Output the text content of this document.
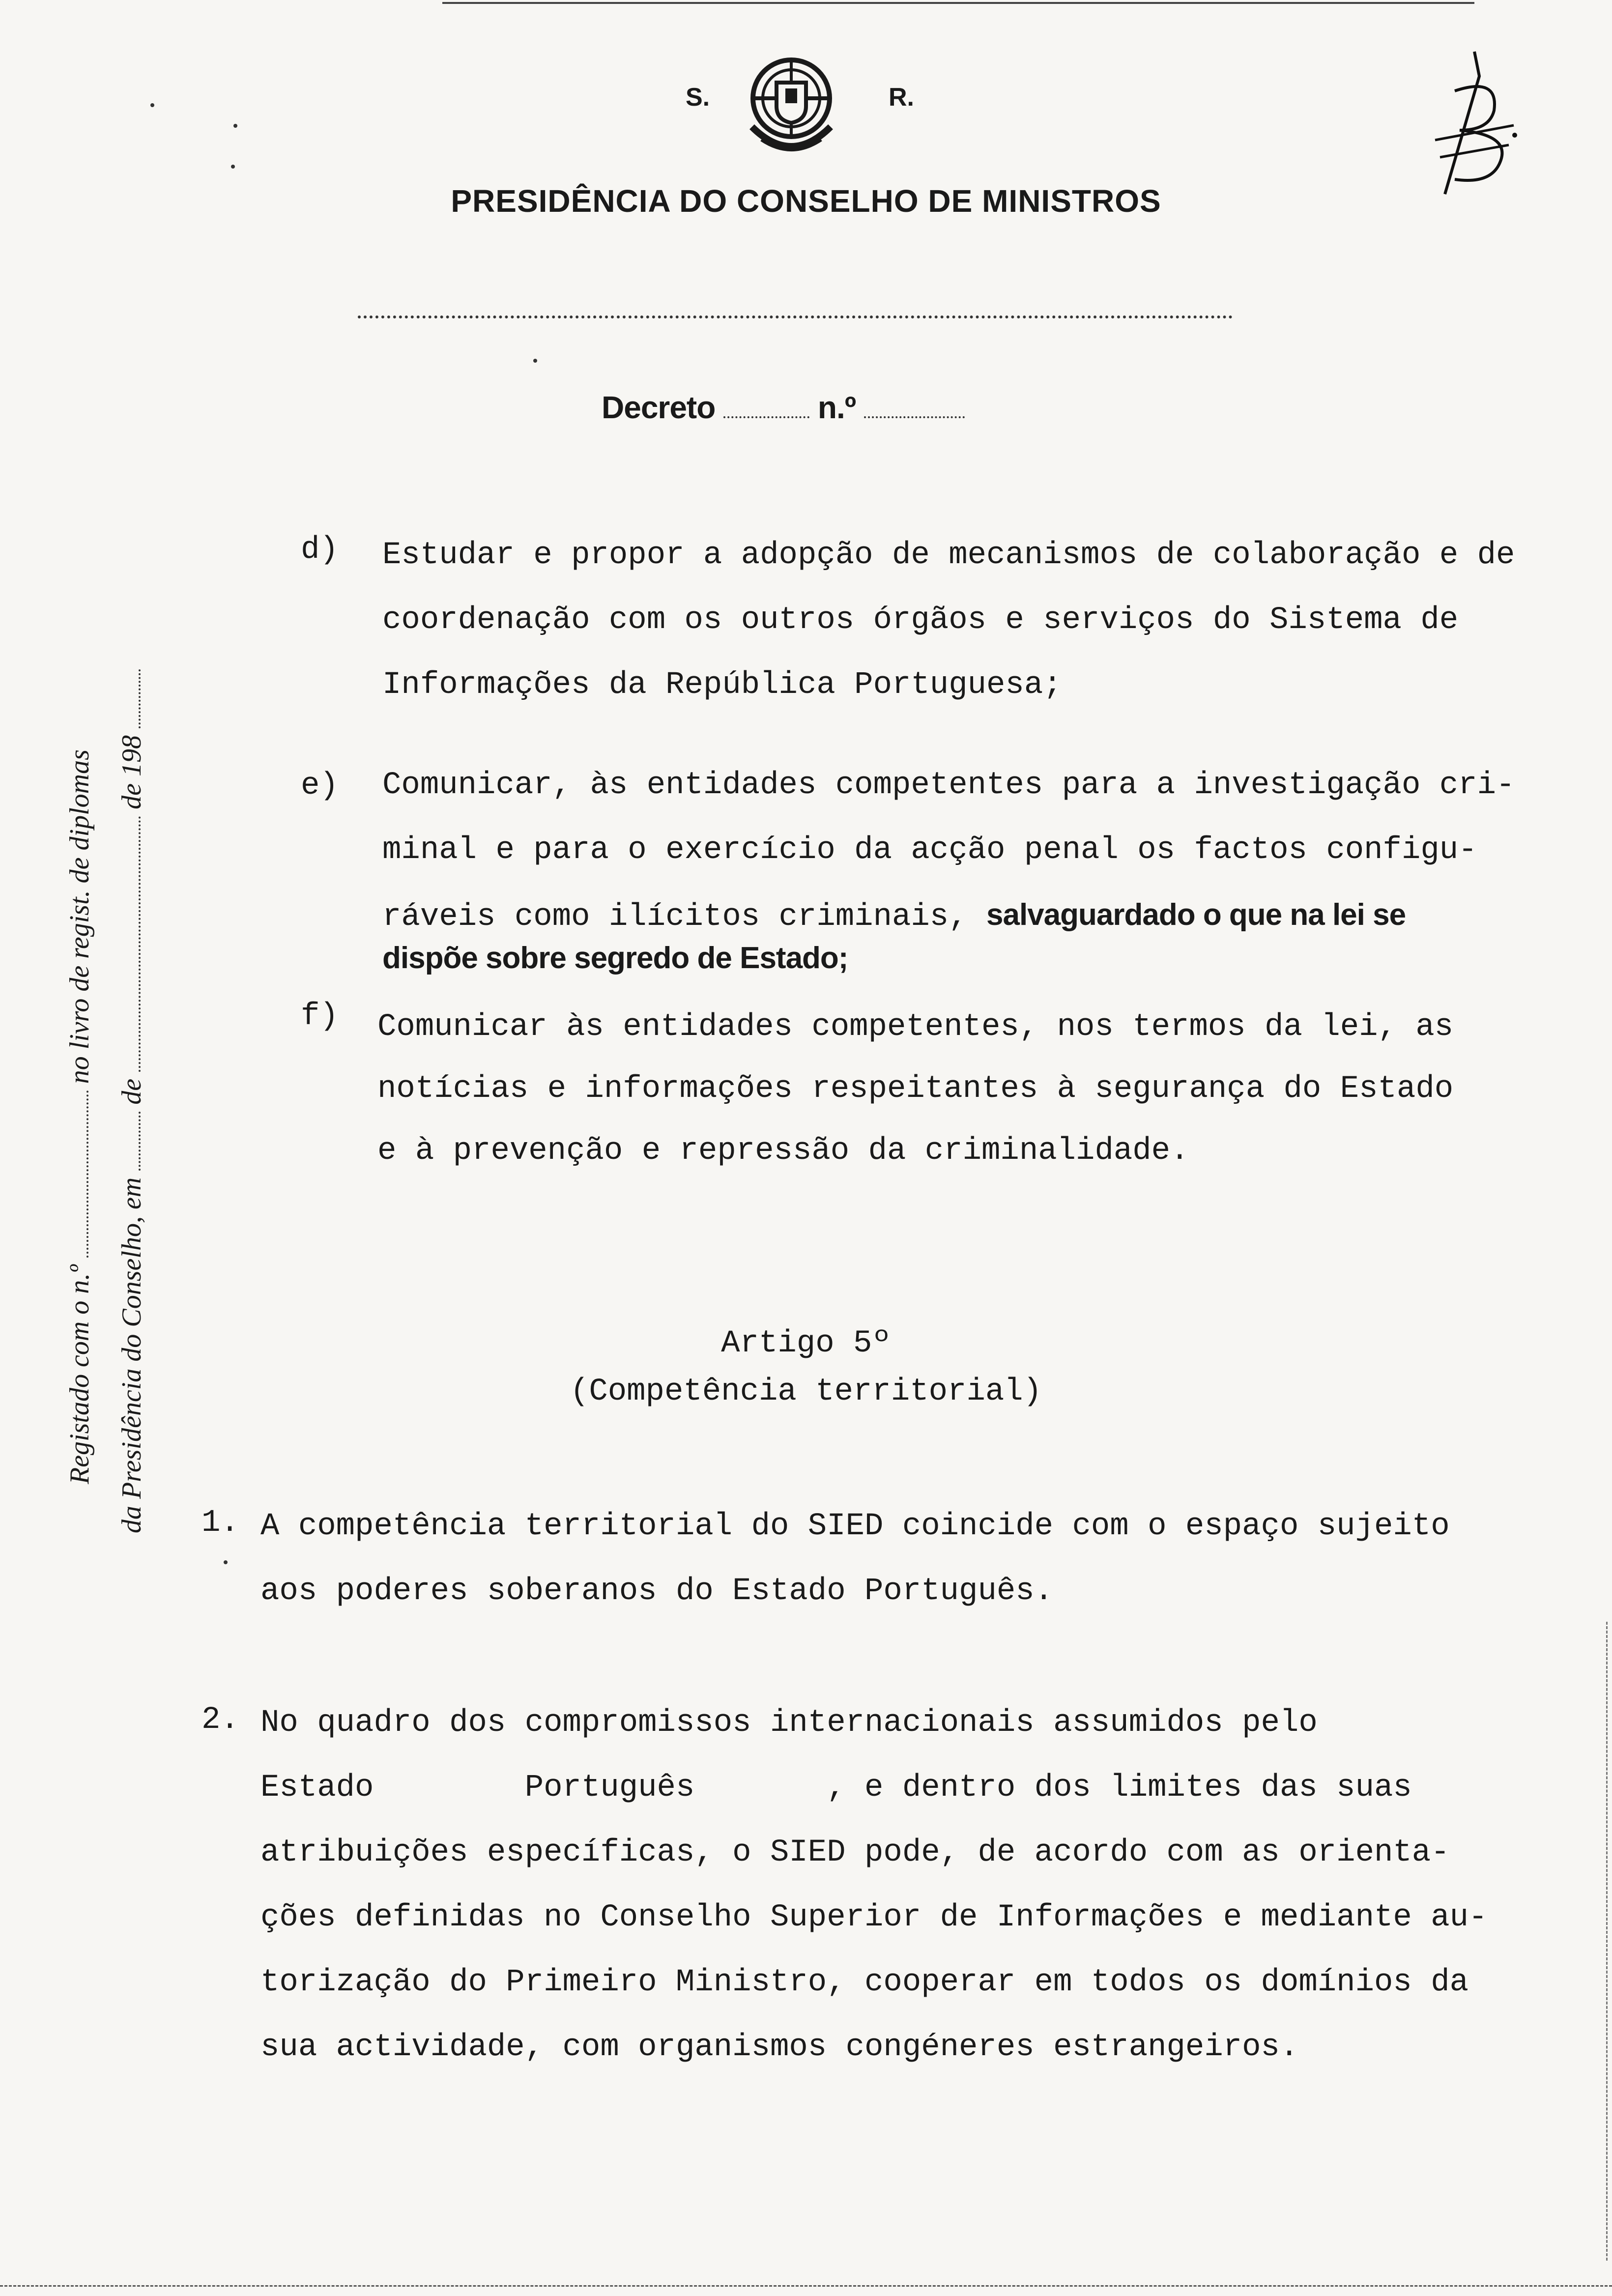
S.	R.
PRESIDÊNCIA DO CONSELHO DE MINISTROS
Decreto	n.º
d) Estudar e propor a adopção de mecanismos de colaboração e de
coordenação com os outros órgãos e serviços do Sistema de
Informações da República Portuguesa;
e) Comunicar, às entidades competentes para a investigação cri-
minal e para o exercício da acção penal os factos configu-
ráveis como ilícitos criminais, salvaguardado o que na lei se
dispõe sobre segredo de Estado;
f) Comunicar às entidades competentes, nos termos da lei, as
notícias e informações respeitantes à segurança do Estado
e à prevenção e repressão da criminalidade.
Artigo 5º
(Competência territorial)
1. A competência territorial do SIED coincide com o espaço sujeito
aos poderes soberanos do Estado Português.
2. No quadro dos compromissos internacionais assumidos pelo
Estado        Português       , e dentro dos limites das suas
atribuições específicas, o SIED pode, de acordo com as orienta-
ções definidas no Conselho Superior de Informações e mediante au-
torização do Primeiro Ministro, cooperar em todos os domínios da
sua actividade, com organismos congéneres estrangeiros.
Registado com o n.º  no livro de regist. de diplomas
da Presidência do Conselho, em  de  de 198
